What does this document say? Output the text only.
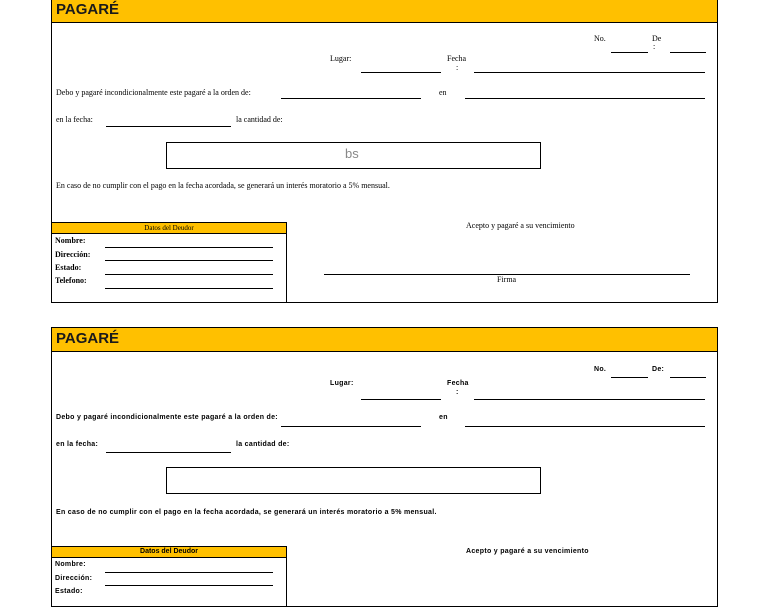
PAGARÉ
No.	De
:
Lugar:	Fecha
:
Debo y pagaré incondicionalmente este pagaré a la orden de:	en
en la fecha:	la cantidad de:
bs
En caso de no cumplir con el pago en la fecha acordada, se generará un interés moratorio a 5% mensual.
Acepto y pagaré a su vencimiento
Firma
Datos del Deudor
Nombre:
Dirección:
Estado:
Telefono:
PAGARÉ
No.	De:
Lugar:	Fecha
:
Debo y pagaré incondicionalmente este pagaré a la orden de:	en
en la fecha:	la cantidad de:
En caso de no cumplir con el pago en la fecha acordada, se generará un interés moratorio a 5% mensual.
Acepto y pagaré a su vencimiento
Datos del Deudor
Nombre:
Dirección:
Estado:
